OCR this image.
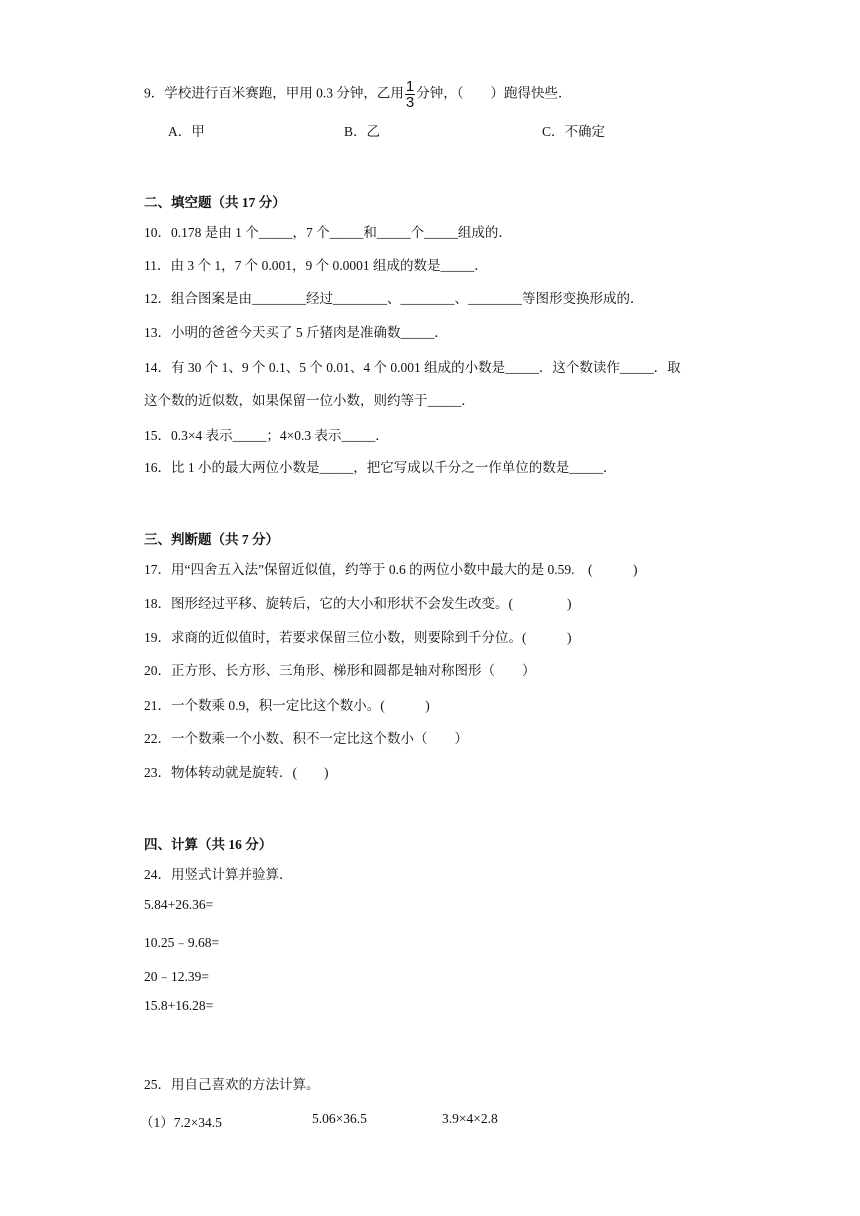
9．学校进行百米赛跑，甲用 0.3 分钟，乙用 $\frac{1}{3}$ 分钟，（　　）跑得快些．
A．甲	B．乙	C．不确定
二、填空题（共 17 分）
10．0.178 是由 1 个_____，7 个_____和_____个_____组成的．
11．由 3 个 1，7 个 0.001，9 个 0.0001 组成的数是_____．
12．组合图案是由________经过________、________、________等图形变换形成的．
13．小明的爸爸今天买了 5 斤猪肉是准确数_____．
14．有 30 个 1、9 个 0.1、5 个 0.01、4 个 0.001 组成的小数是_____．这个数读作_____．取
这个数的近似数，如果保留一位小数，则约等于_____．
15．0.3×4 表示_____；4×0.3 表示_____．
16．比 1 小的最大两位小数是_____，把它写成以千分之一作单位的数是_____．
三、判断题（共 7 分）
17．用“四舍五入法”保留近似值，约等于 0.6 的两位小数中最大的是 0.59.　(　　　)
18．图形经过平移、旋转后，它的大小和形状不会发生改变。(　　　　)
19．求商的近似值时，若要求保留三位小数，则要除到千分位。(　　　)
20．正方形、长方形、三角形、梯形和圆都是轴对称图形（　　）
21．一个数乘 0.9，积一定比这个数小。(　　　)
22．一个数乘一个小数、积不一定比这个数小（　　）
23．物体转动就是旋转．(　　)
四、计算（共 16 分）
24．用竖式计算并验算．
5.84+26.36=
10.25﹣9.68=
20﹣12.39=
15.8+16.28=
25．用自己喜欢的方法计算。
（1）7.2×34.5	5.06×36.5	3.9×4×2.8
